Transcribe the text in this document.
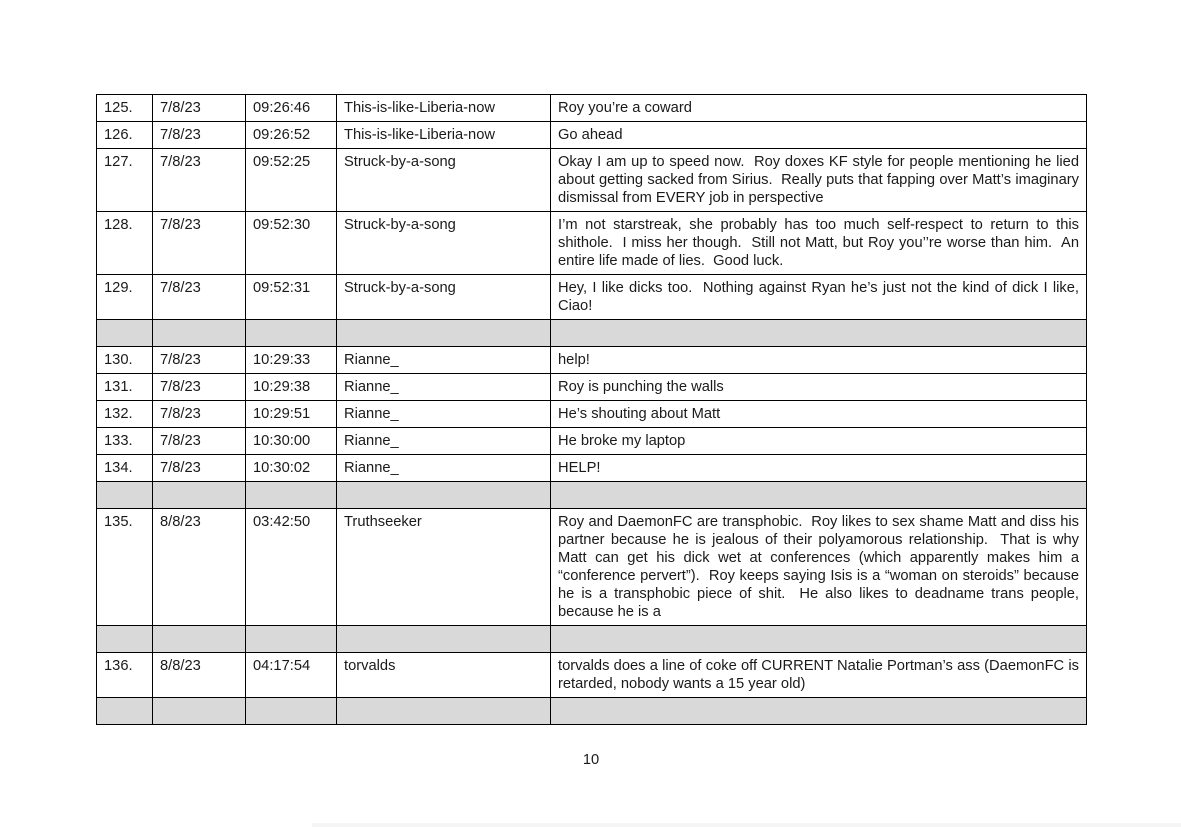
125.	7/8/23	09:26:46	This-is-like-Liberia-now	Roy you’re a coward
126.	7/8/23	09:26:52	This-is-like-Liberia-now	Go ahead
127.	7/8/23	09:52:25	Struck-by-a-song	Okay I am up to speed now.  Roy doxes KF style for people mentioning he lied about getting sacked from Sirius.  Really puts that fapping over Matt’s imaginary dismissal from EVERY job in perspective
128.	7/8/23	09:52:30	Struck-by-a-song	I’m not starstreak, she probably has too much self-respect to return to this shithole.  I miss her though.  Still not Matt, but Roy you’’re worse than him.  An entire life made of lies.  Good luck.
129.	7/8/23	09:52:31	Struck-by-a-song	Hey, I like dicks too.  Nothing against Ryan he’s just not the kind of dick I like, Ciao!

130.	7/8/23	10:29:33	Rianne_	help!
131.	7/8/23	10:29:38	Rianne_	Roy is punching the walls
132.	7/8/23	10:29:51	Rianne_	He’s shouting about Matt
133.	7/8/23	10:30:00	Rianne_	He broke my laptop
134.	7/8/23	10:30:02	Rianne_	HELP!

135.	8/8/23	03:42:50	Truthseeker	Roy and DaemonFC are transphobic.  Roy likes to sex shame Matt and diss his partner because he is jealous of their polyamorous relationship.  That is why Matt can get his dick wet at conferences (which apparently makes him a “conference pervert”).  Roy keeps saying Isis is a “woman on steroids” because he is a transphobic piece of shit.  He also likes to deadname trans people, because he is a

136.	8/8/23	04:17:54	torvalds	torvalds does a line of coke off CURRENT Natalie Portman’s ass (DaemonFC is retarded, nobody wants a 15 year old)

10
